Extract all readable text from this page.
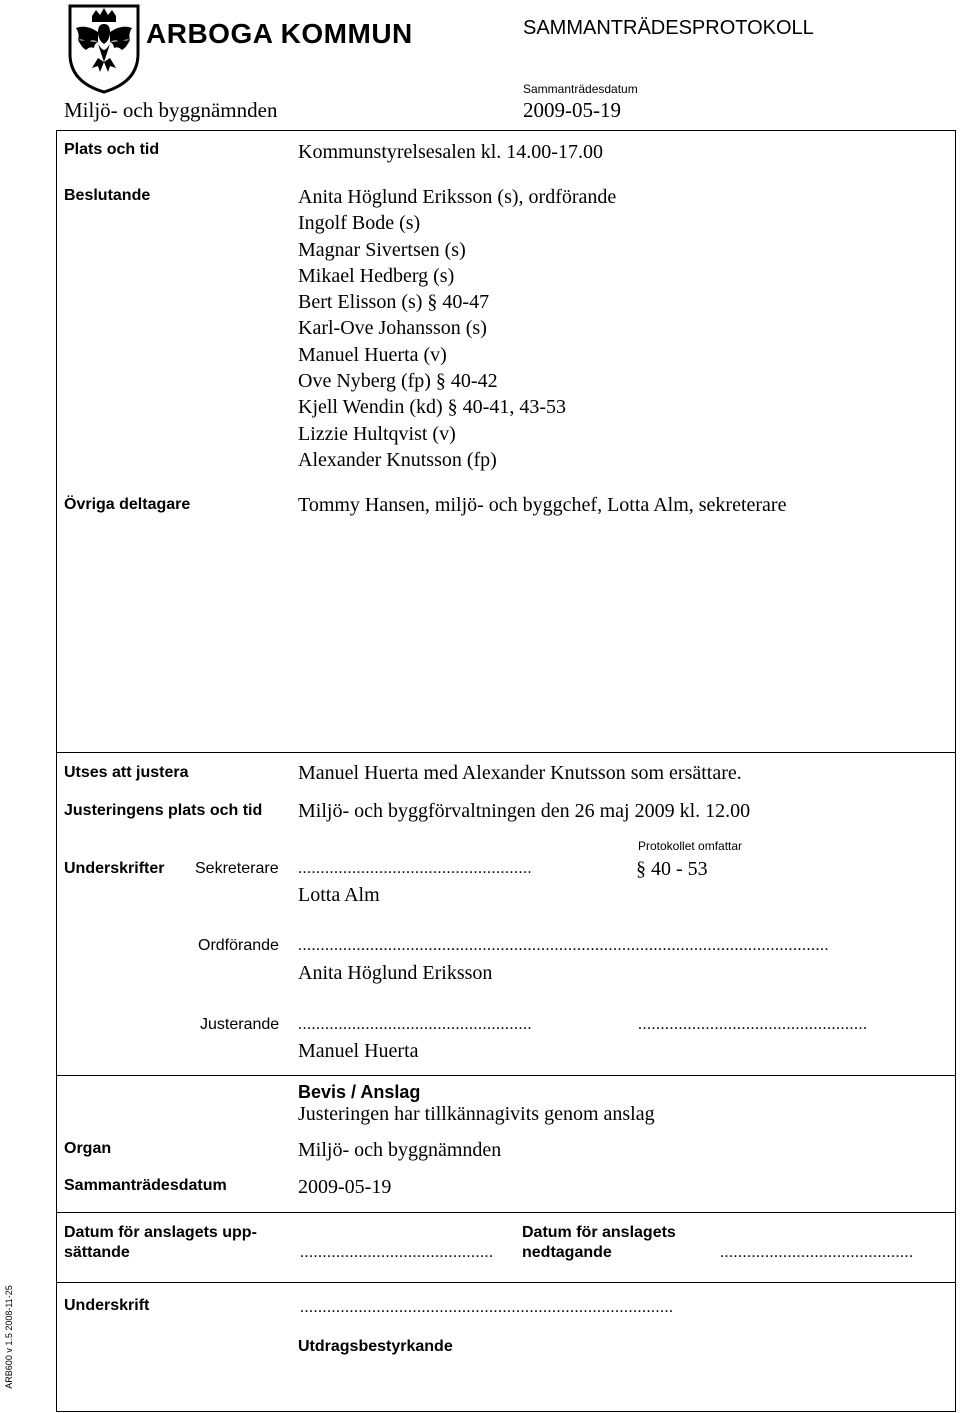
ARBOGA KOMMUN	SAMMANTRÄDESPROTOKOLL
Miljö- och byggnämnden
Sammanträdesdatum
2009-05-19
Plats och tid	Kommunstyrelsesalen kl. 14.00-17.00
Beslutande	Anita Höglund Eriksson (s), ordförande
Ingolf Bode (s)
Magnar Sivertsen (s)
Mikael Hedberg (s)
Bert Elisson (s) § 40-47
Karl-Ove Johansson (s)
Manuel Huerta (v)
Ove Nyberg (fp) § 40-42
Kjell Wendin (kd) § 40-41, 43-53
Lizzie Hultqvist (v)
Alexander Knutsson (fp)
Övriga deltagare	Tommy Hansen, miljö- och byggchef, Lotta Alm, sekreterare
Utses att justera	Manuel Huerta med Alexander Knutsson som ersättare.
Justeringens plats och tid Miljö- och byggförvaltningen den 26 maj 2009 kl. 12.00
Protokollet omfattar
Underskrifter Sekreterare ....................................................	§ 40 - 53
Lotta Alm
Ordförande ......................................................................................................................
Anita Höglund Eriksson
Justerande ....................................................	...................................................
Manuel Huerta
Bevis / Anslag
Justeringen har tillkännagivits genom anslag
Organ	Miljö- och byggnämnden
Sammanträdesdatum	2009-05-19
Datum för anslagets upp-
sättande	...........................................
Datum för anslagets
nedtagande	...........................................
Underskrift	...................................................................................
Utdragsbestyrkande
ARB600 v 1.5 2008-11-25
